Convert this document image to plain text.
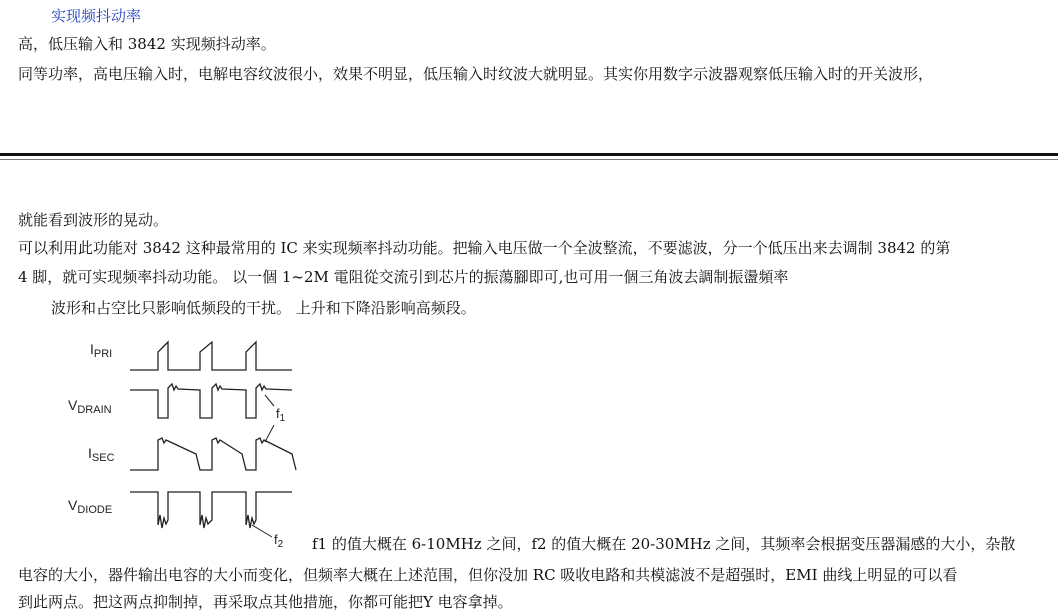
实现频抖动率
高，低压输入和 3842 实现频抖动率。
同等功率，高电压输入时，电解电容纹波很小，效果不明显，低压输入时纹波大就明显。其实你用数字示波器观察低压输入时的开关波形，
就能看到波形的晃动。
可以利用此功能对 3842 这种最常用的 IC 来实现频率抖动功能。把输入电压做一个全波整流，不要滤波，分一个低压出来去调制 3842 的第
4 脚，就可实现频率抖动功能。 以一個 1~2M 電阻從交流引到芯片的振蕩腳即可,也可用一個三角波去調制振盪頻率
波形和占空比只影响低频段的干扰。 上升和下降沿影响高频段。
$I_{PRI}$
$V_{DRAIN}$
$I_{SEC}$
$V_{DIODE}$
$f_1$
$f_2$ f1 的值大概在 6-10MHz 之间，f2 的值大概在 20-30MHz 之间，其频率会根据变压器漏感的大小，杂散
电容的大小，器件输出电容的大小而变化，但频率大概在上述范围，但你没加 RC 吸收电路和共模滤波不是超强时，EMI 曲线上明显的可以看
到此两点。把这两点抑制掉，再采取点其他措施，你都可能把Y 电容拿掉。
